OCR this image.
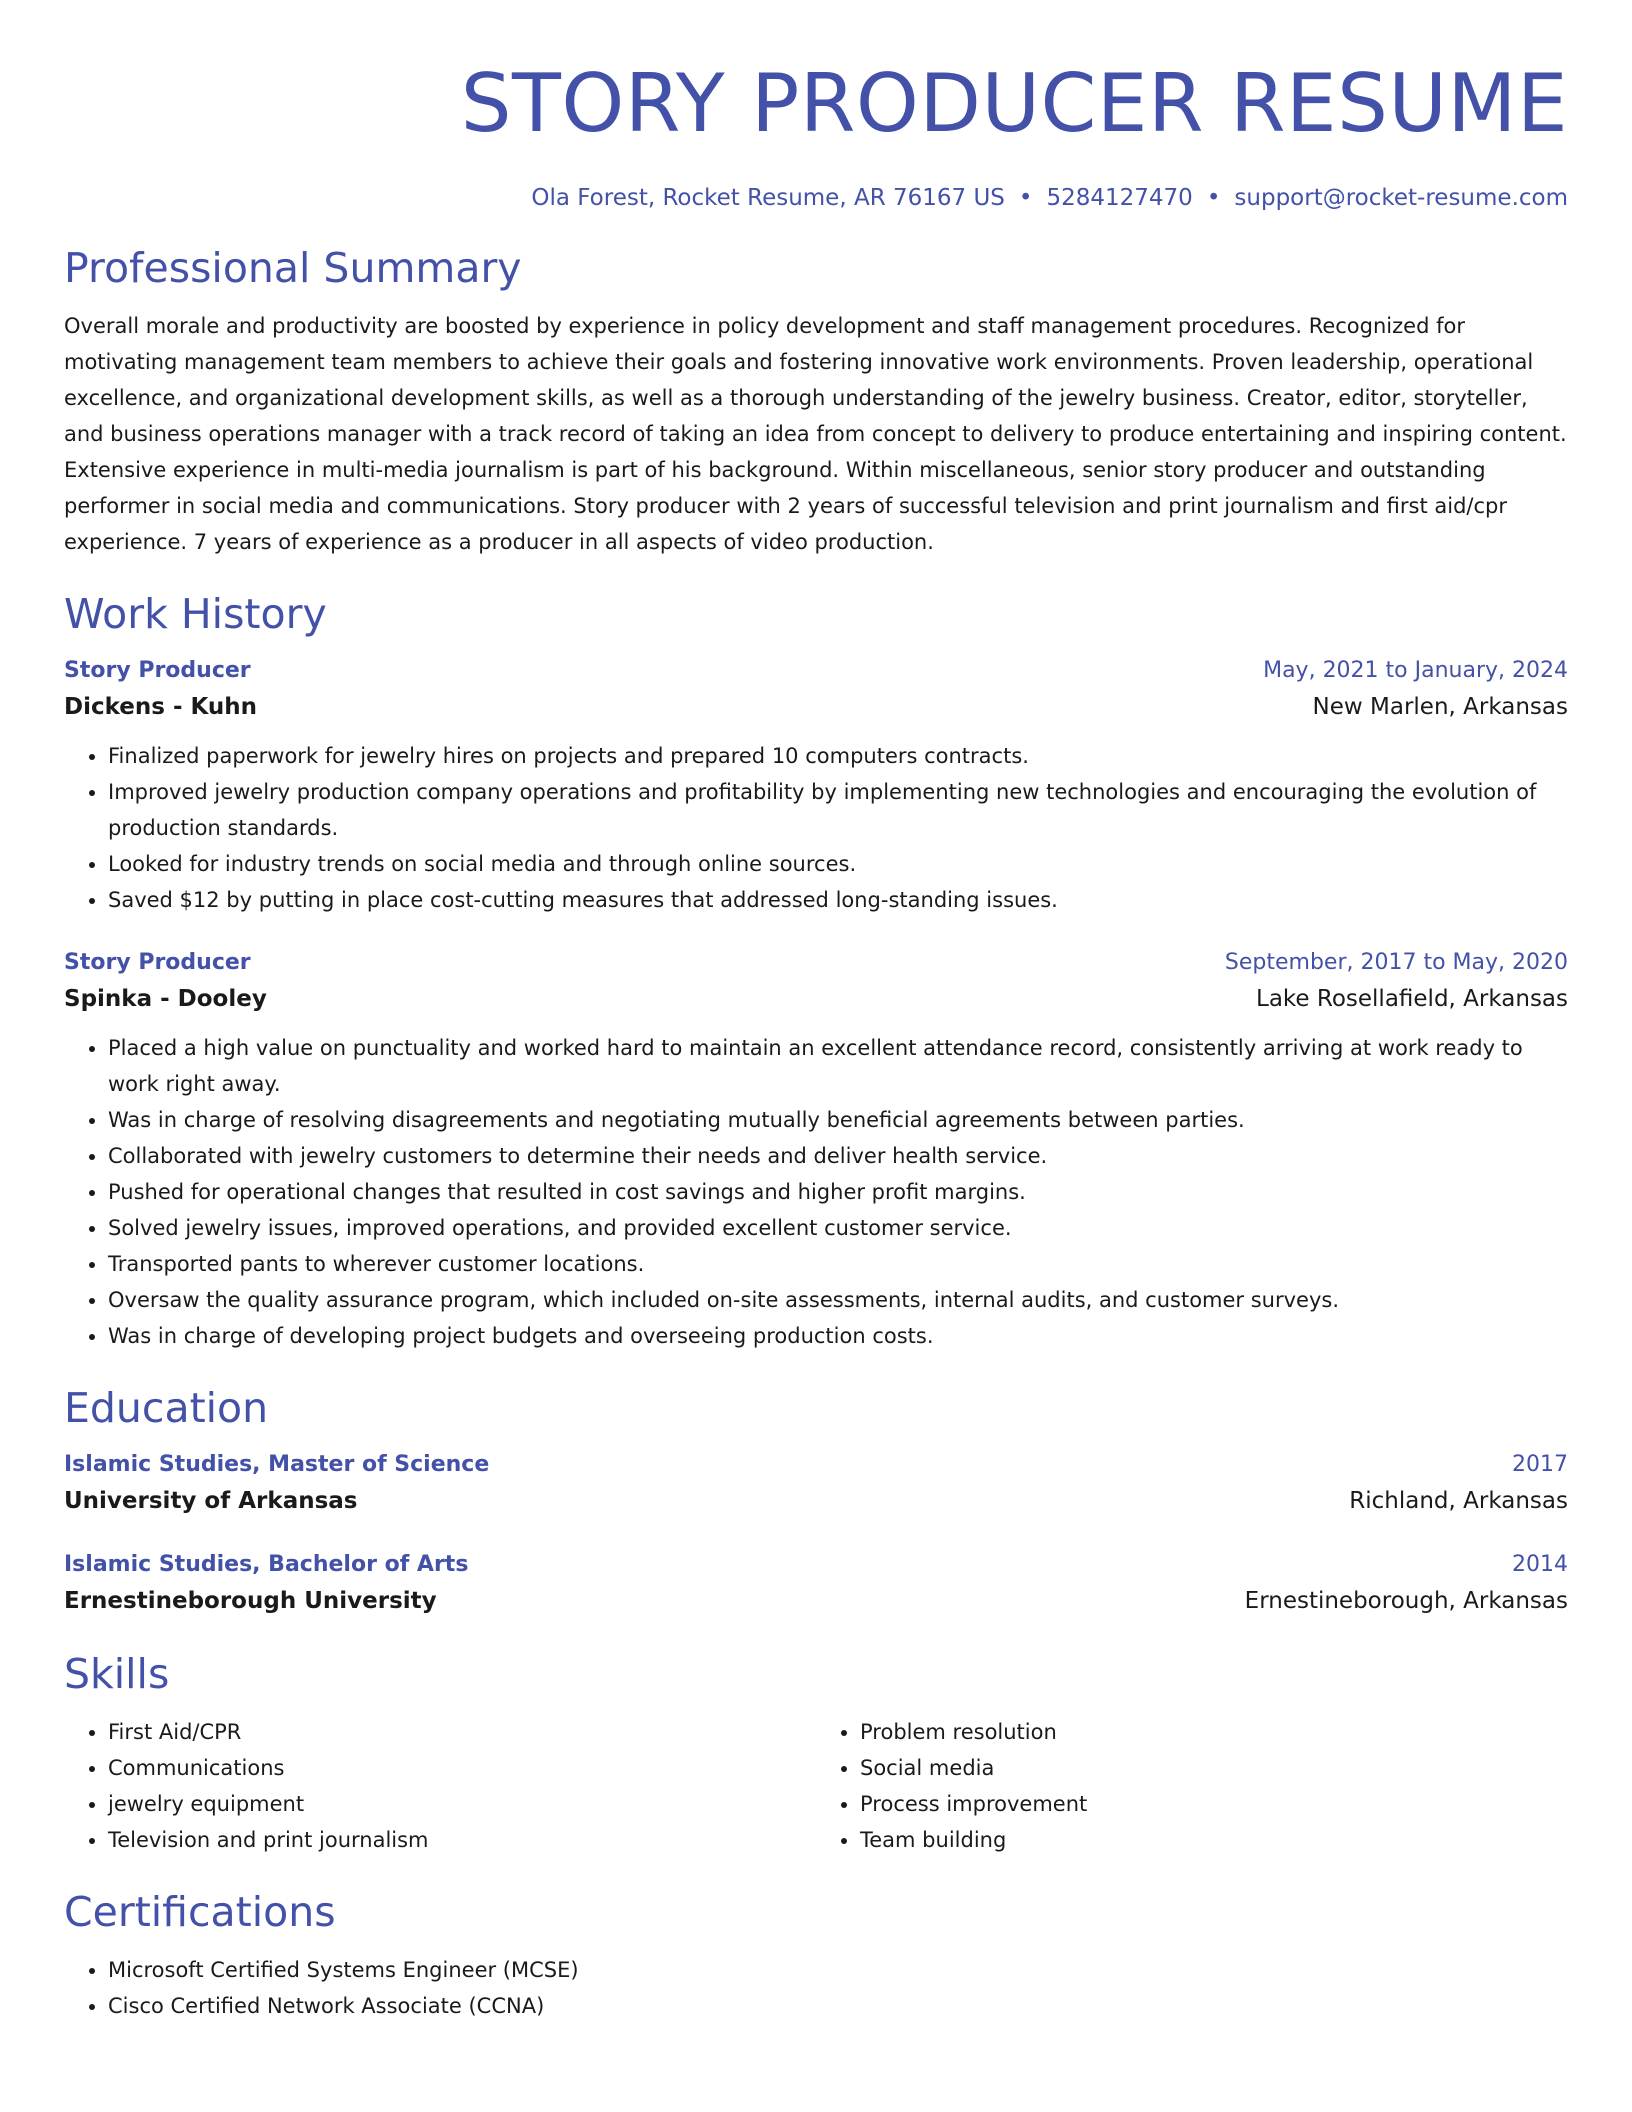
STORY PRODUCER RESUME
Ola Forest, Rocket Resume, AR 76167 US • 5284127470 • support@rocket-resume.com
Professional Summary

Overall morale and productivity are boosted by experience in policy development and staff management procedures. Recognized for motivating management team members to achieve their goals and fostering innovative work environments. Proven leadership, operational excellence, and organizational development skills, as well as a thorough understanding of the jewelry business. Creator, editor, storyteller, and business operations manager with a track record of taking an idea from concept to delivery to produce entertaining and inspiring content. Extensive experience in multi-media journalism is part of his background. Within miscellaneous, senior story producer and outstanding performer in social media and communications. Story producer with 2 years of successful television and print journalism and first aid/cpr experience. 7 years of experience as a producer in all aspects of video production.

Work History
Story Producer	May, 2021 to January, 2024
Dickens - Kuhn	New Marlen, Arkansas
• Finalized paperwork for jewelry hires on projects and prepared 10 computers contracts.
• Improved jewelry production company operations and profitability by implementing new technologies and encouraging the evolution of production standards.
• Looked for industry trends on social media and through online sources.
• Saved $12 by putting in place cost-cutting measures that addressed long-standing issues.
Story Producer	September, 2017 to May, 2020
Spinka - Dooley	Lake Rosellafield, Arkansas
• Placed a high value on punctuality and worked hard to maintain an excellent attendance record, consistently arriving at work ready to work right away.
• Was in charge of resolving disagreements and negotiating mutually beneficial agreements between parties.
• Collaborated with jewelry customers to determine their needs and deliver health service.
• Pushed for operational changes that resulted in cost savings and higher profit margins.
• Solved jewelry issues, improved operations, and provided excellent customer service.
• Transported pants to wherever customer locations.
• Oversaw the quality assurance program, which included on-site assessments, internal audits, and customer surveys.
• Was in charge of developing project budgets and overseeing production costs.
Education
Islamic Studies, Master of Science	2017
University of Arkansas	Richland, Arkansas
Islamic Studies, Bachelor of Arts	2014
Ernestineborough University	Ernestineborough, Arkansas
Skills
• First Aid/CPR
• Communications
• jewelry equipment
• Television and print journalism
• Problem resolution
• Social media
• Process improvement
• Team building
Certifications
• Microsoft Certified Systems Engineer (MCSE)
• Cisco Certified Network Associate (CCNA)
